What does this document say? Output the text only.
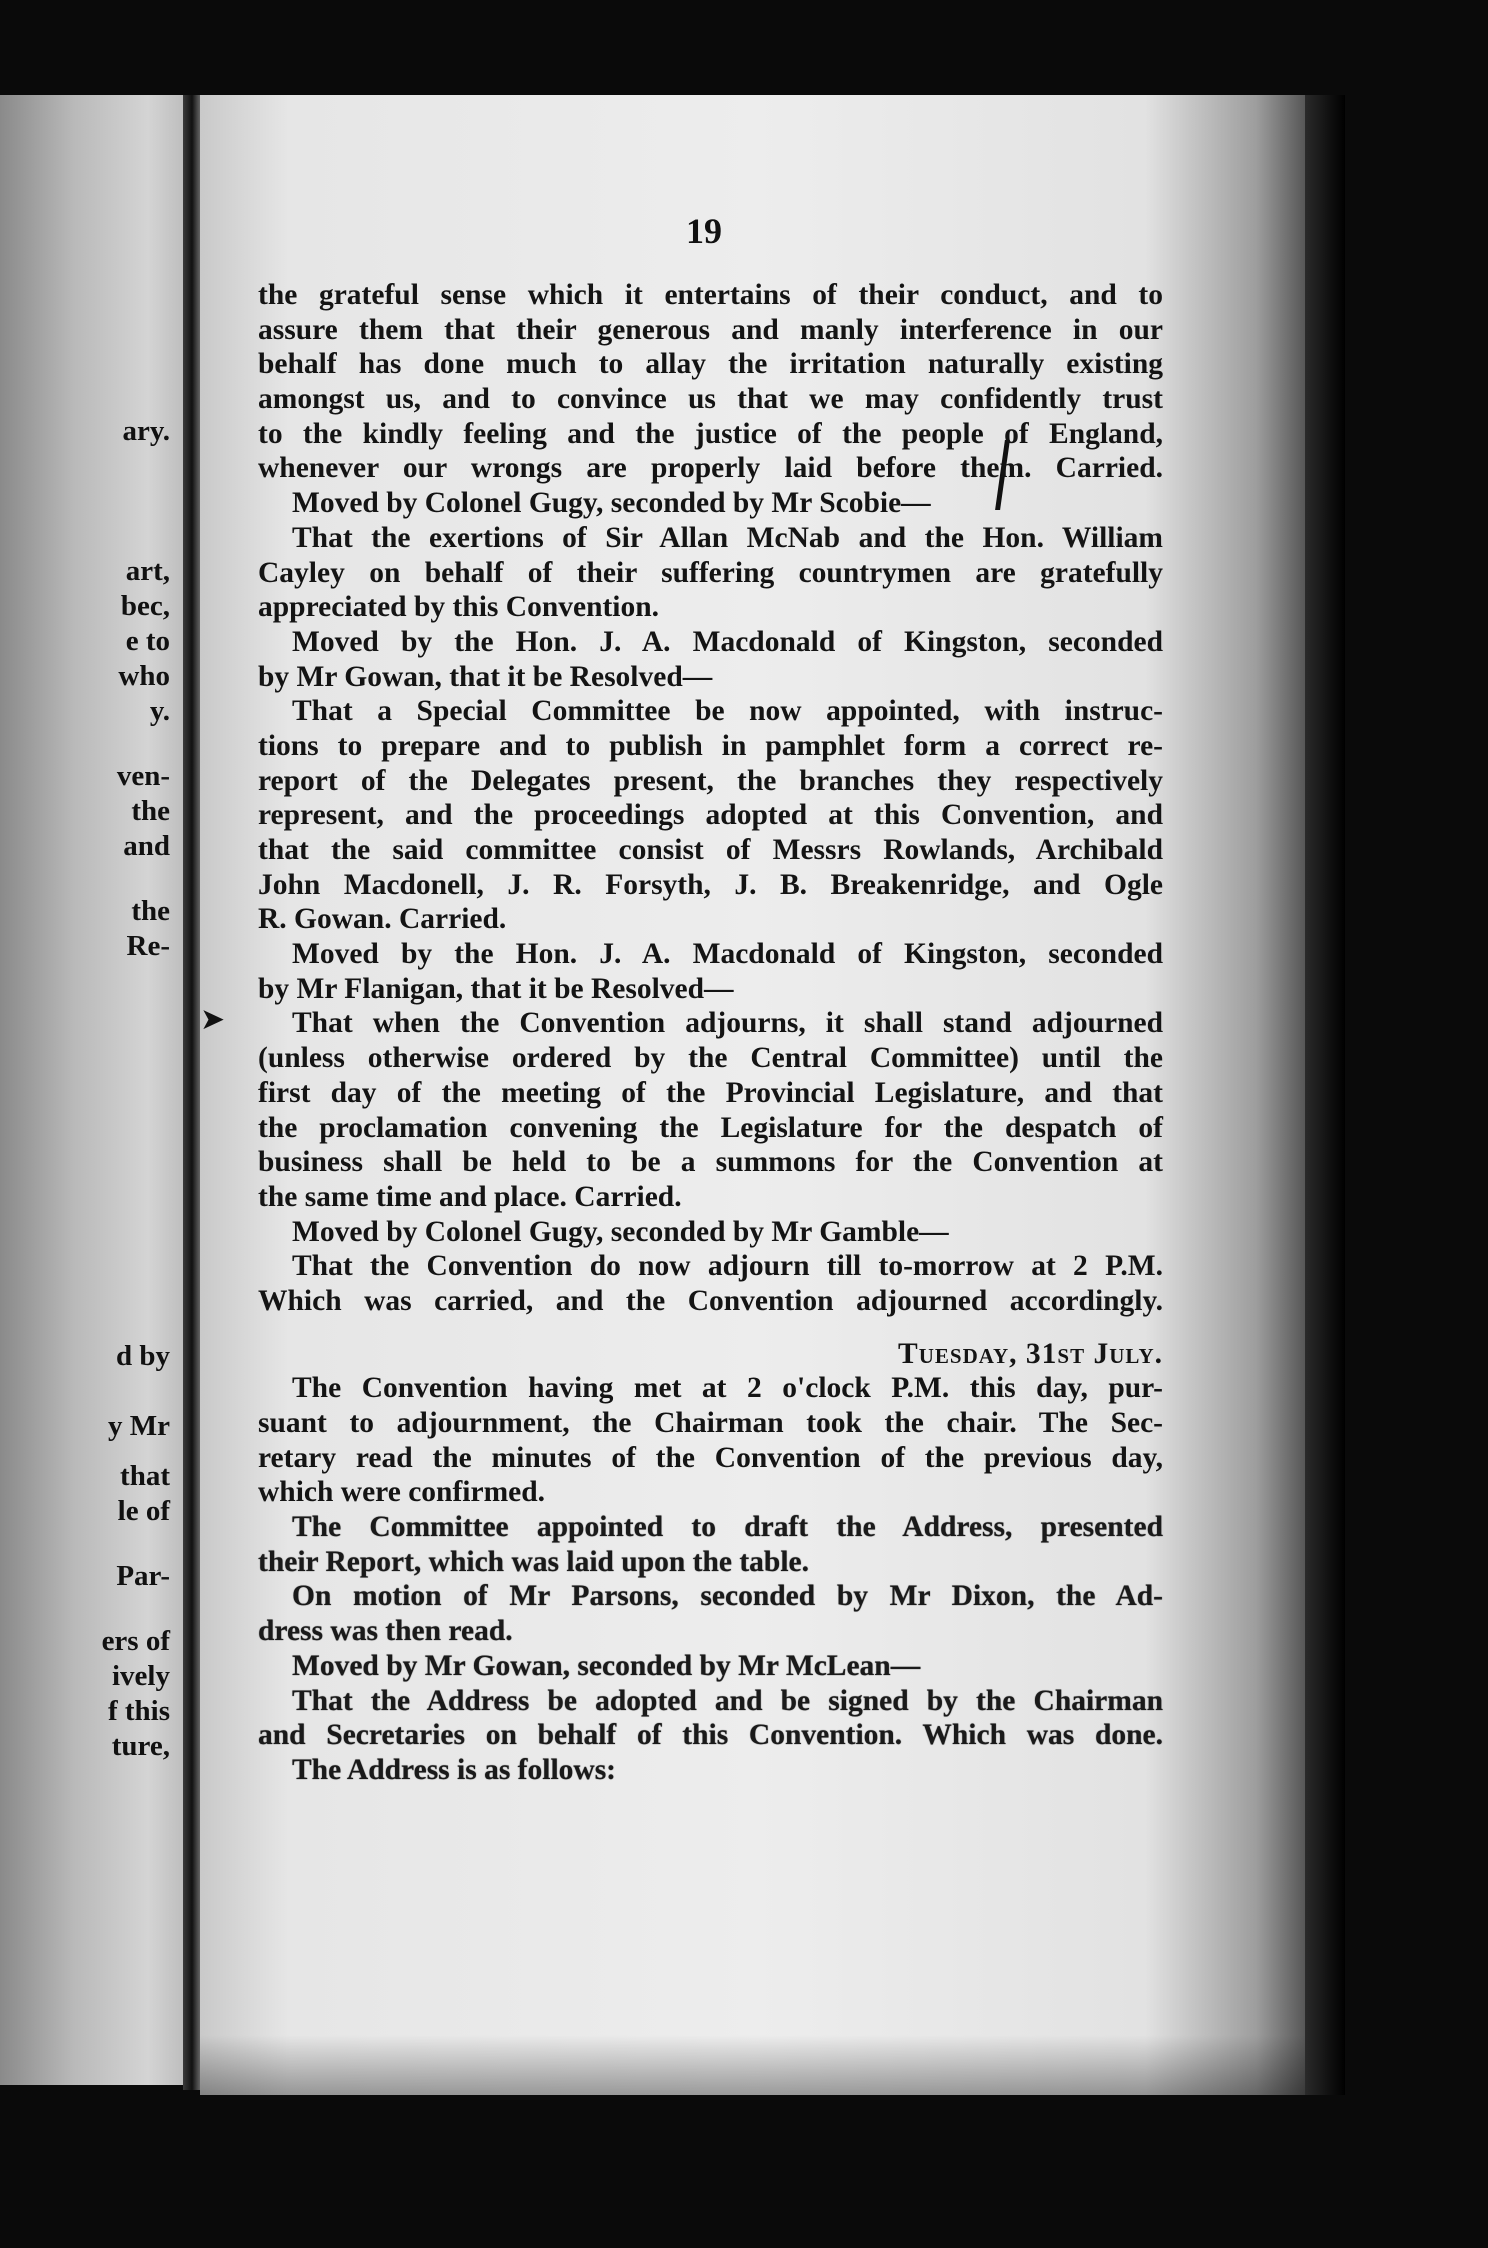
ary.
art,
bec,
e to
who
y.
ven-
the
and
the
Re-
d by
y Mr
that
le of
Par-
ers of
ively
f this
ture,
19
➤
the grateful sense which it entertains of their conduct, and to
assure them that their generous and manly interference in our
behalf has done much to allay the irritation naturally existing
amongst us, and to convince us that we may confidently trust
to the kindly feeling and the justice of the people of England,
whenever our wrongs are properly laid before them. Carried.
Moved by Colonel Gugy, seconded by Mr Scobie—
That the exertions of Sir Allan McNab and the Hon. William
Cayley on behalf of their suffering countrymen are gratefully
appreciated by this Convention.
Moved by the Hon. J. A. Macdonald of Kingston, seconded
by Mr Gowan, that it be Resolved—
That a Special Committee be now appointed, with instruc-
tions to prepare and to publish in pamphlet form a correct re-
report of the Delegates present, the branches they respectively
represent, and the proceedings adopted at this Convention, and
that the said committee consist of Messrs Rowlands, Archibald
John Macdonell, J. R. Forsyth, J. B. Breakenridge, and Ogle
R. Gowan. Carried.
Moved by the Hon. J. A. Macdonald of Kingston, seconded
by Mr Flanigan, that it be Resolved—
That when the Convention adjourns, it shall stand adjourned
(unless otherwise ordered by the Central Committee) until the
first day of the meeting of the Provincial Legislature, and that
the proclamation convening the Legislature for the despatch of
business shall be held to be a summons for the Convention at
the same time and place. Carried.
Moved by Colonel Gugy, seconded by Mr Gamble—
That the Convention do now adjourn till to-morrow at 2 P.M.
Which was carried, and the Convention adjourned accordingly.
Tuesday, 31st July.
The Convention having met at 2 o'clock P.M. this day, pur-
suant to adjournment, the Chairman took the chair. The Sec-
retary read the minutes of the Convention of the previous day,
which were confirmed.
The Committee appointed to draft the Address, presented
their Report, which was laid upon the table.
On motion of Mr Parsons, seconded by Mr Dixon, the Ad-
dress was then read.
Moved by Mr Gowan, seconded by Mr McLean—
That the Address be adopted and be signed by the Chairman
and Secretaries on behalf of this Convention. Which was done.
The Address is as follows:
